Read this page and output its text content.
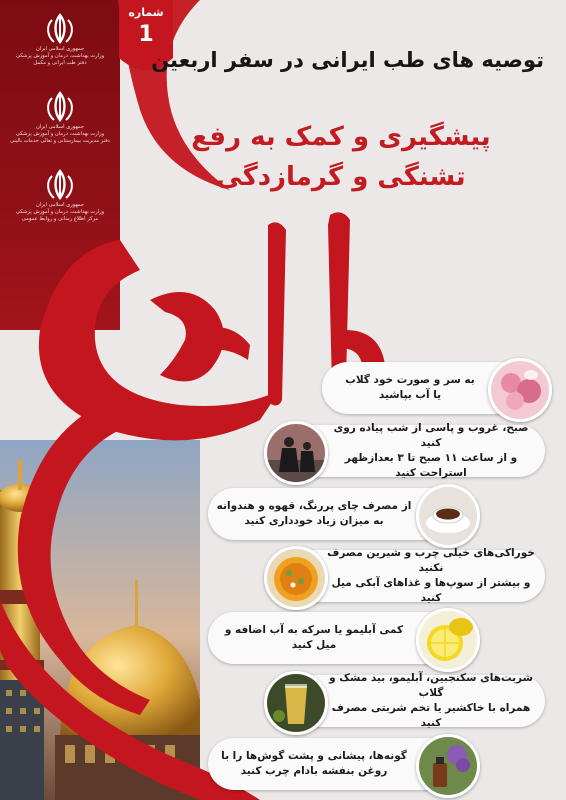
جمهوری اسلامی ایران
وزارت بهداشت، درمان و آموزش پزشکی
دفتر طب ایرانی و مکمل
جمهوری اسلامی ایران
وزارت بهداشت، درمان و آموزش پزشکی
دفتر مدیریت بیمارستانی و تعالی خدمات بالینی
جمهوری اسلامی ایران
وزارت بهداشت، درمان و آموزش پزشکی
مرکز اطلاع رسانی و روابط عمومی
شماره
1
توصیه های طب ایرانی در سفر اربعین
پیشگیری و کمک به رفع
تشنگی و گرمازدگی
به سر و صورت خود گلاب
یا آب بپاشید
صبح، غروب و پاسی از شب پیاده روی کنید
و از ساعت ۱۱ صبح تا ۳ بعدازظهر استراحت کنید
از مصرف چای پررنگ، قهوه و هندوانه
به میزان زیاد خودداری کنید
خوراکی‌های خیلی چرب و شیرین مصرف نکنید
و بیشتر از سوپ‌ها و غذاهای آبکی میل کنید
کمی آبلیمو یا سرکه به آب اضافه و میل کنید
شربت‌های سکنجبین، آبلیمو، بید مشک و گلاب
همراه با خاکشیر یا تخم شربتی مصرف کنید
گونه‌ها، پیشانی و پشت گوش‌ها را با
روغن بنفشه بادام چرب کنید
